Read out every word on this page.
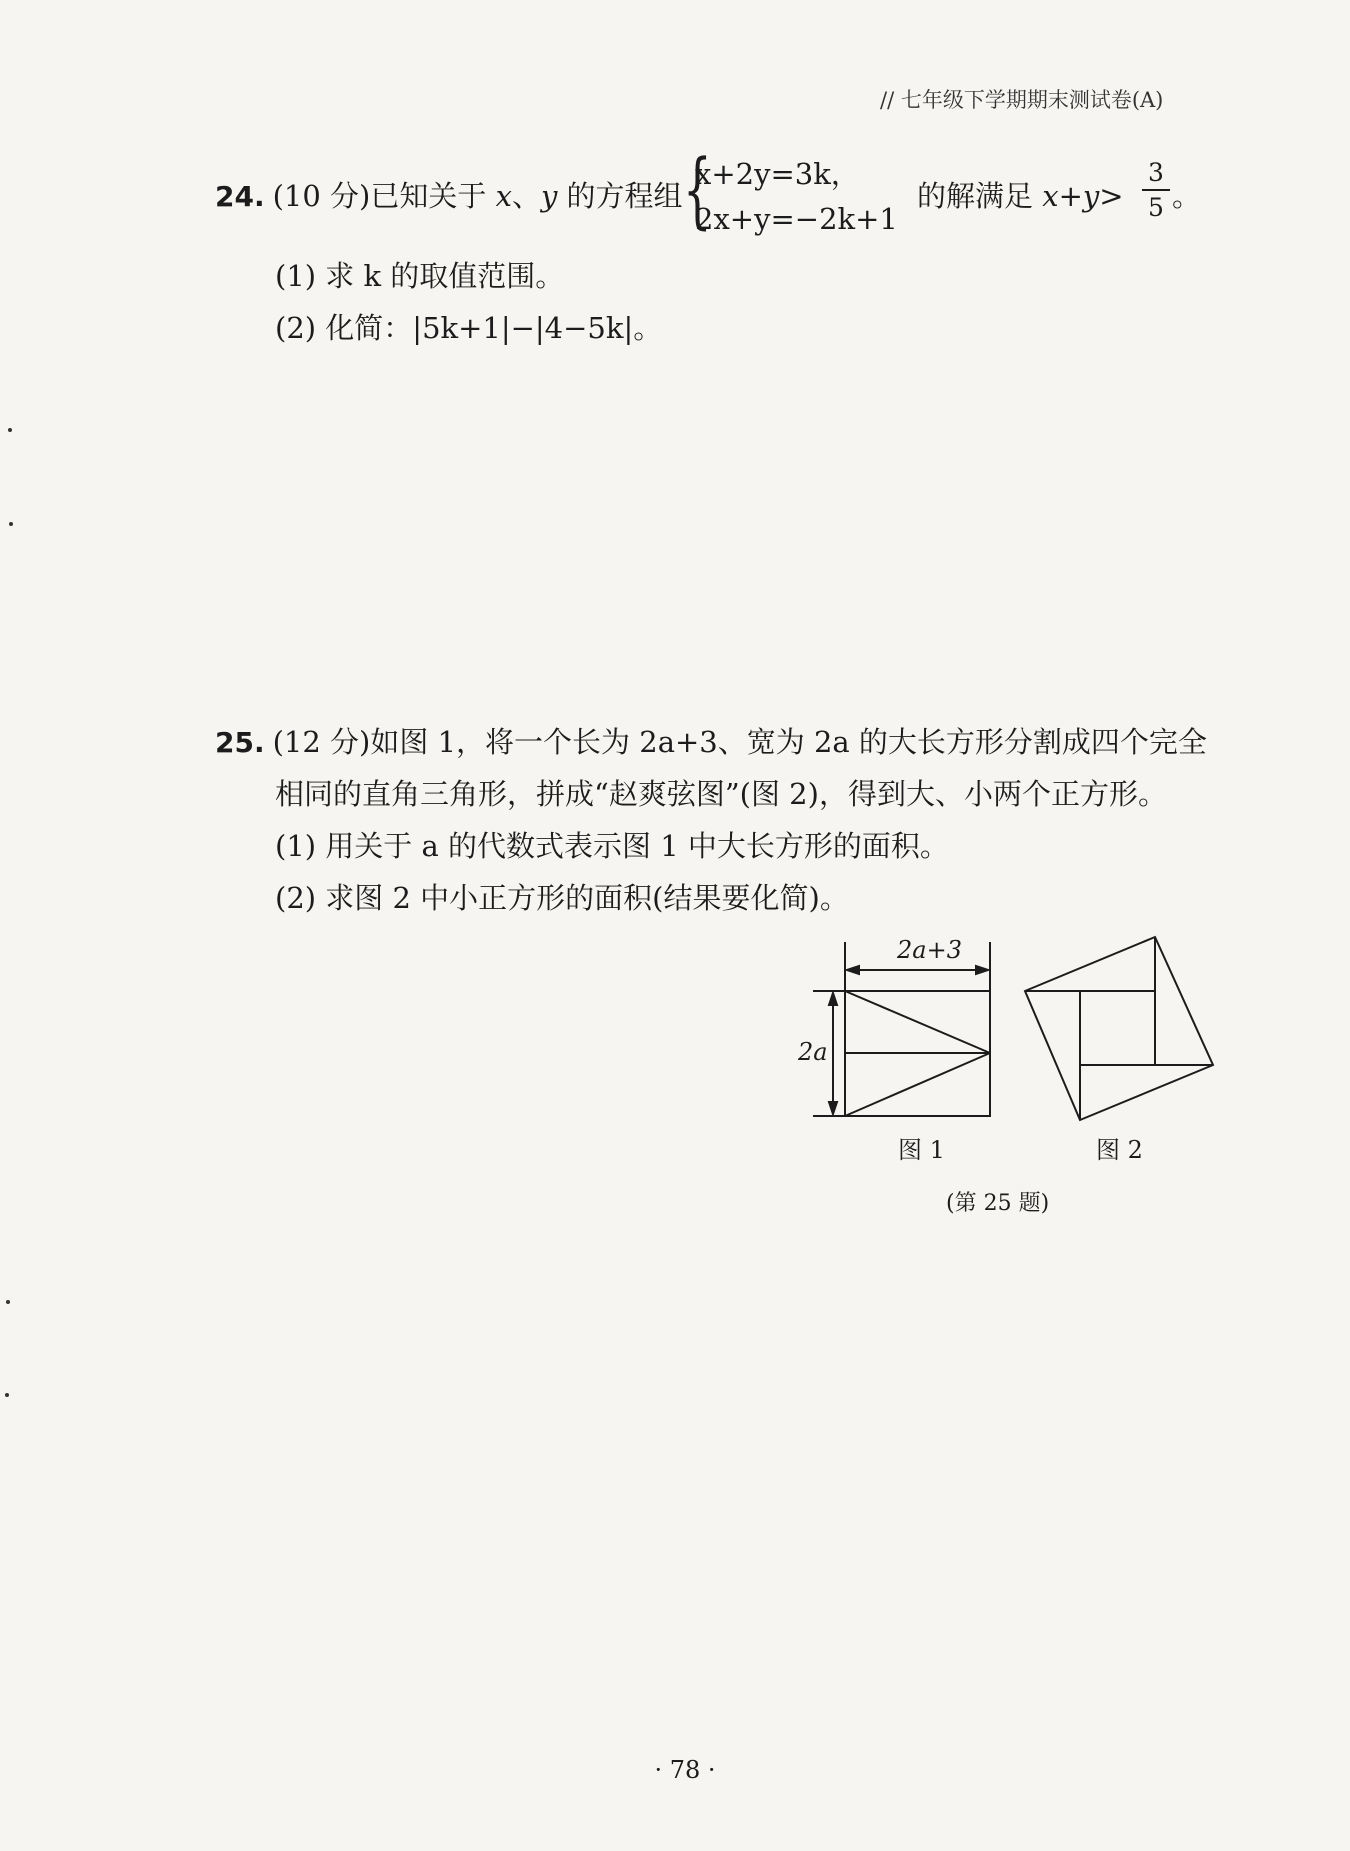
// 七年级下学期期末测试卷(A)
24. (10 分)已知关于 x、y 的方程组 {
x+2y=3k，
2x+y=−2k+1
的解满足 x+y>
3
5 。
(1) 求 k 的取值范围。
(2) 化简：|5k+1|−|4−5k|。
25. (12 分)如图 1，将一个长为 2a+3、宽为 2a 的大长方形分割成四个完全
相同的直角三角形，拼成“赵爽弦图”(图 2)，得到大、小两个正方形。
(1) 用关于 a 的代数式表示图 1 中大长方形的面积。
(2) 求图 2 中小正方形的面积(结果要化简)。
2a+3
2a
图 1	图 2
(第 25 题)
· 78 ·
